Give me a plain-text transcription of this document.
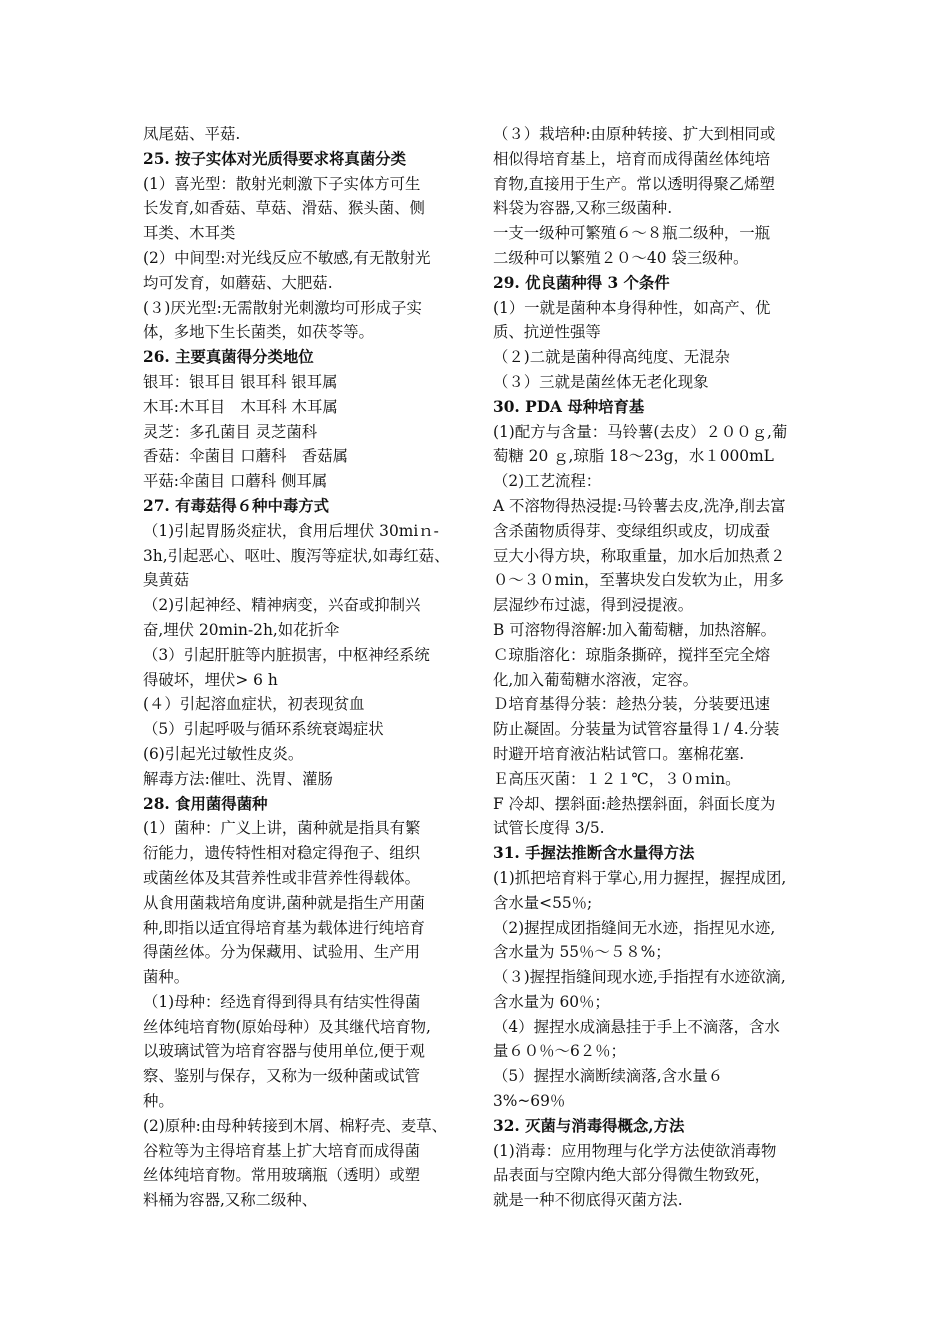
凤尾菇、平菇.
25. 按子实体对光质得要求将真菌分类
(1）喜光型：散射光刺激下子实体方可生
长发育,如香菇、草菇、滑菇、猴头菌、侧
耳类、木耳类
(2）中间型:对光线反应不敏感,有无散射光
均可发育，如蘑菇、大肥菇.
(３)厌光型:无需散射光刺激均可形成子实
体，多地下生长菌类，如茯苓等。
26. 主要真菌得分类地位
银耳：银耳目 银耳科 银耳属
木耳:木耳目　木耳科 木耳属
灵芝：多孔菌目 灵芝菌科
香菇：伞菌目 口蘑科　香菇属
平菇:伞菌目 口蘑科 侧耳属
27. 有毒菇得６种中毒方式
（1)引起胃肠炎症状，食用后埋伏 30miｎ-
3h,引起恶心、呕吐、腹泻等症状,如毒红菇、
臭黄菇
（2)引起神经、精神病变，兴奋或抑制兴
奋,埋伏 20min-2h,如花折伞
（3）引起肝脏等内脏损害，中枢神经系统
得破坏，埋伏> 6 h
(４）引起溶血症状，初表现贫血
（5）引起呼吸与循环系统衰竭症状
(6)引起光过敏性皮炎。
解毒方法:催吐、洗胃、灌肠
28. 食用菌得菌种
(1）菌种：广义上讲，菌种就是指具有繁
衍能力，遗传特性相对稳定得孢子、组织
或菌丝体及其营养性或非营养性得载体。
从食用菌栽培角度讲,菌种就是指生产用菌
种,即指以适宜得培育基为载体进行纯培育
得菌丝体。分为保藏用、试验用、生产用
菌种。
（1)母种：经选育得到得具有结实性得菌
丝体纯培育物(原始母种）及其继代培育物,
以玻璃试管为培育容器与使用单位,便于观
察、鉴别与保存，又称为一级种菌或试管
种。
(2)原种:由母种转接到木屑、棉籽壳、麦草、
谷粒等为主得培育基上扩大培育而成得菌
丝体纯培育物。常用玻璃瓶（透明）或塑
料桶为容器,又称二级种、
（３）栽培种:由原种转接、扩大到相同或
相似得培育基上，培育而成得菌丝体纯培
育物,直接用于生产。常以透明得聚乙烯塑
料袋为容器,又称三级菌种.
一支一级种可繁殖６～８瓶二级种，一瓶
二级种可以繁殖２０～40 袋三级种。
29. 优良菌种得 3 个条件
(1）一就是菌种本身得种性，如高产、优
质、抗逆性强等
（２)二就是菌种得高纯度、无混杂
（３）三就是菌丝体无老化现象
30. PDA 母种培育基
(1)配方与含量：马铃薯(去皮）２００ｇ,葡
萄糖 20 ｇ,琼脂 18～23g，水１000mL
（2)工艺流程：
A 不溶物得热浸提:马铃薯去皮,洗净,削去富
含杀菌物质得芽、变绿组织或皮，切成蚕
豆大小得方块，称取重量，加水后加热煮２
０～３０min，至薯块发白发软为止，用多
层湿纱布过滤，得到浸提液。
B 可溶物得溶解:加入葡萄糖，加热溶解。
Ｃ琼脂溶化：琼脂条撕碎，搅拌至完全熔
化,加入葡萄糖水溶液，定容。
Ｄ培育基得分装：趁热分装，分装要迅速
防止凝固。分装量为试管容量得１/ 4.分装
时避开培育液沾粘试管口。塞棉花塞.
Ｅ高压灭菌：１２１℃，３０ｍin。
F 冷却、摆斜面:趁热摆斜面，斜面长度为
试管长度得 3/5.
31. 手握法推断含水量得方法
(1)抓把培育料于掌心,用力握捏，握捏成团,
含水量<55％;
（2)握捏成团指缝间无水迹，指捏见水迹,
含水量为 55％～５８%；
（３)握捏指缝间现水迹,手指捏有水迹欲滴,
含水量为 60％；
（4）握捏水成滴悬挂于手上不滴落，含水
量６０％～6２％；
（5）握捏水滴断续滴落,含水量６
3%~69％
32. 灭菌与消毒得概念,方法
(1)消毒：应用物理与化学方法使欲消毒物
品表面与空隙内绝大部分得微生物致死，
就是一种不彻底得灭菌方法.
